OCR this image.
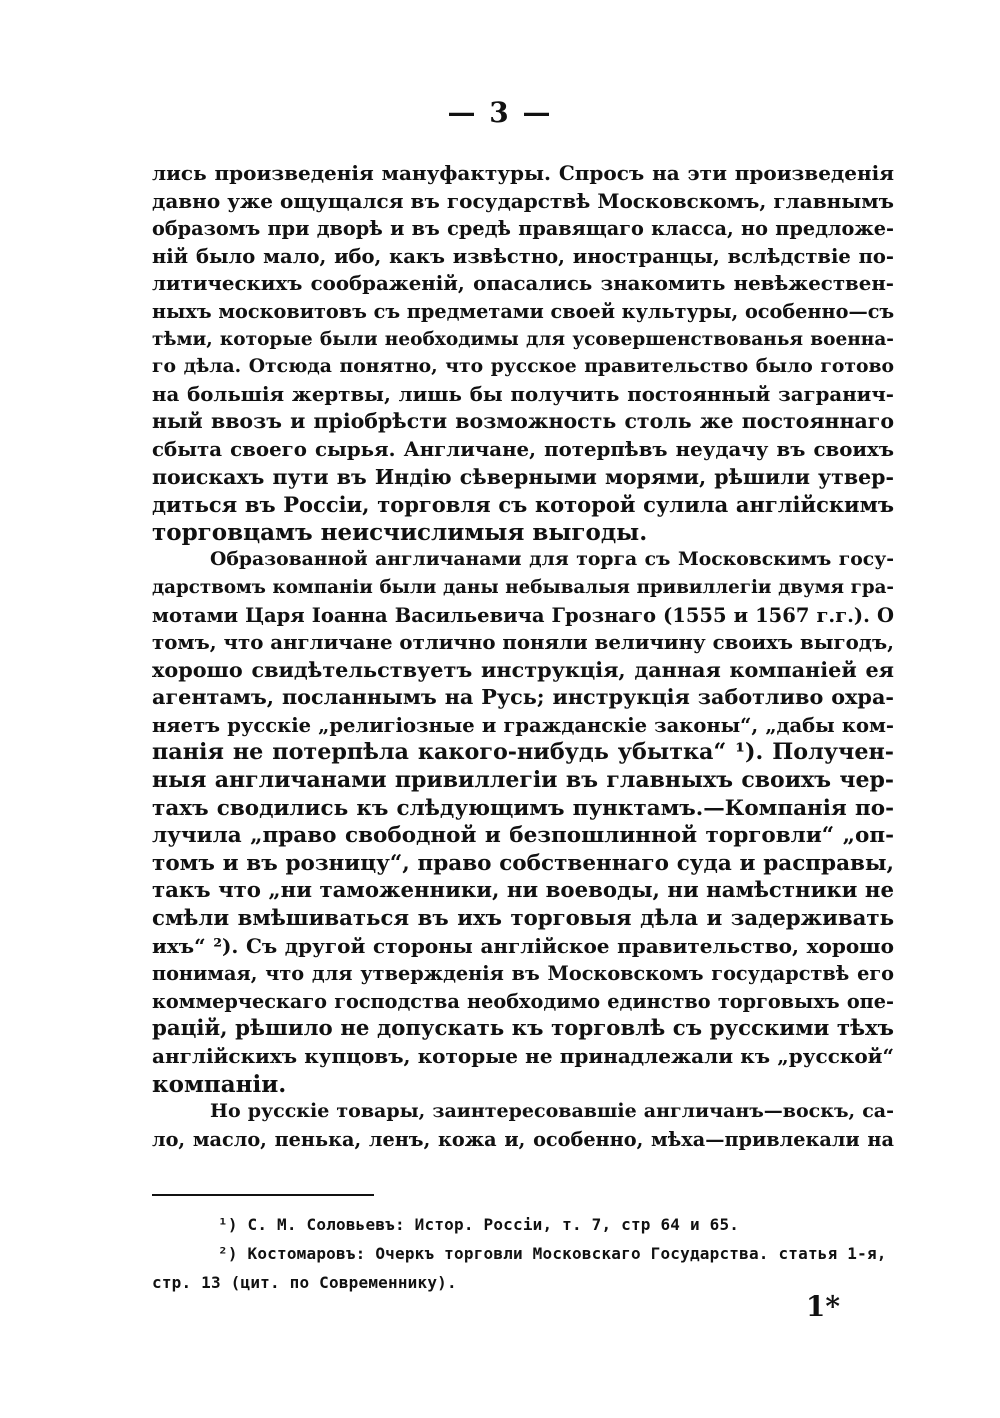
— 3 —
лись произведенія мануфактуры. Спросъ на эти произведенія
давно уже ощущался въ государствѣ Московскомъ, главнымъ
образомъ при дворѣ и въ средѣ правящаго класса, но предложе-
ній было мало, ибо, какъ извѣстно, иностранцы, вслѣдствіе по-
литическихъ соображеній, опасались знакомить невѣжествен-
ныхъ московитовъ съ предметами своей культуры, особенно—съ
тѣми, которые были необходимы для усовершенствованья военна-
го дѣла. Отсюда понятно, что русское правительство было готово
на большія жертвы, лишь бы получить постоянный загранич-
ный ввозъ и пріобрѣсти возможность столь же постояннаго
сбыта своего сырья. Англичане, потерпѣвъ неудачу въ своихъ
поискахъ пути въ Индію сѣверными морями, рѣшили утвер-
диться въ Россіи, торговля съ которой сулила англійскимъ
торговцамъ неисчислимыя выгоды.
Образованной англичанами для торга съ Московскимъ госу-
дарствомъ компаніи были даны небывалыя привиллегіи двумя гра-
мотами Царя Іоанна Васильевича Грознаго (1555 и 1567 г.г.). О
томъ, что англичане отлично поняли величину своихъ выгодъ,
хорошо свидѣтельствуетъ инструкція, данная компаніей ея
агентамъ, посланнымъ на Русь; инструкція заботливо охра-
няетъ русскіе „религіозные и гражданскіе законы“, „дабы ком-
панія не потерпѣла какого-нибудь убытка“ ¹). Получен-
ныя англичанами привиллегіи въ главныхъ своихъ чер-
тахъ сводились къ слѣдующимъ пунктамъ.—Компанія по-
лучила „право свободной и безпошлинной торговли“ „оп-
томъ и въ розницу“, право собственнаго суда и расправы,
такъ что „ни таможенники, ни воеводы, ни намѣстники не
смѣли вмѣшиваться въ ихъ торговыя дѣла и задерживать
ихъ“ ²). Съ другой стороны англійское правительство, хорошо
понимая, что для утвержденія въ Московскомъ государствѣ его
коммерческаго господства необходимо единство торговыхъ опе-
рацій, рѣшило не допускать къ торговлѣ съ русскими тѣхъ
англійскихъ купцовъ, которые не принадлежали къ „русской“
компаніи.
Но русскіе товары, заинтересовавшіе англичанъ—воскъ, са-
ло, масло, пенька, ленъ, кожа и, особенно, мѣха—привлекали на
¹) С. М. Соловьевъ: Истор. Россіи, т. 7, стр 64 и 65.
²) Костомаровъ: Очеркъ торговли Московскаго Государства. статья 1-я,
стр. 13 (цит. по Современнику).
1*
